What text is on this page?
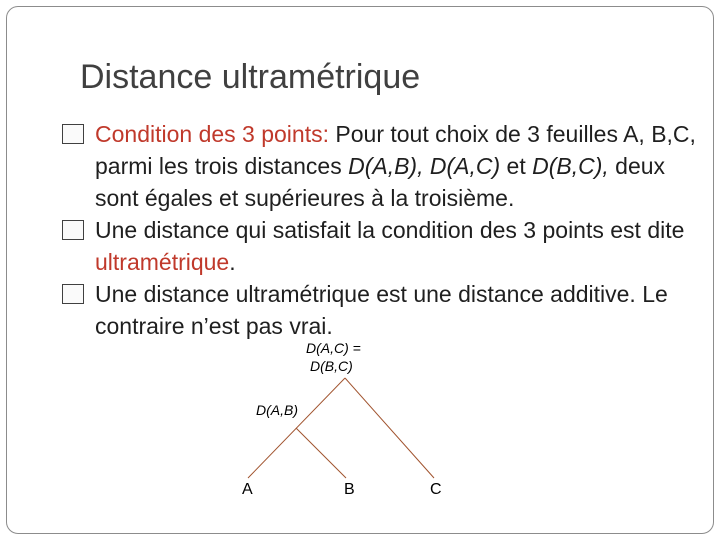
Distance ultramétrique
Condition des 3 points: Pour tout choix de 3 feuilles A, B,C, parmi les trois distances D(A,B), D(A,C) et D(B,C), deux sont égales et supérieures à la troisième.
Une distance qui satisfait la condition des 3 points est dite ultramétrique.
Une distance ultramétrique est une distance additive. Le contraire n’est pas vrai.
D(A,C) =
D(B,C)
D(A,B)
A	B	C
